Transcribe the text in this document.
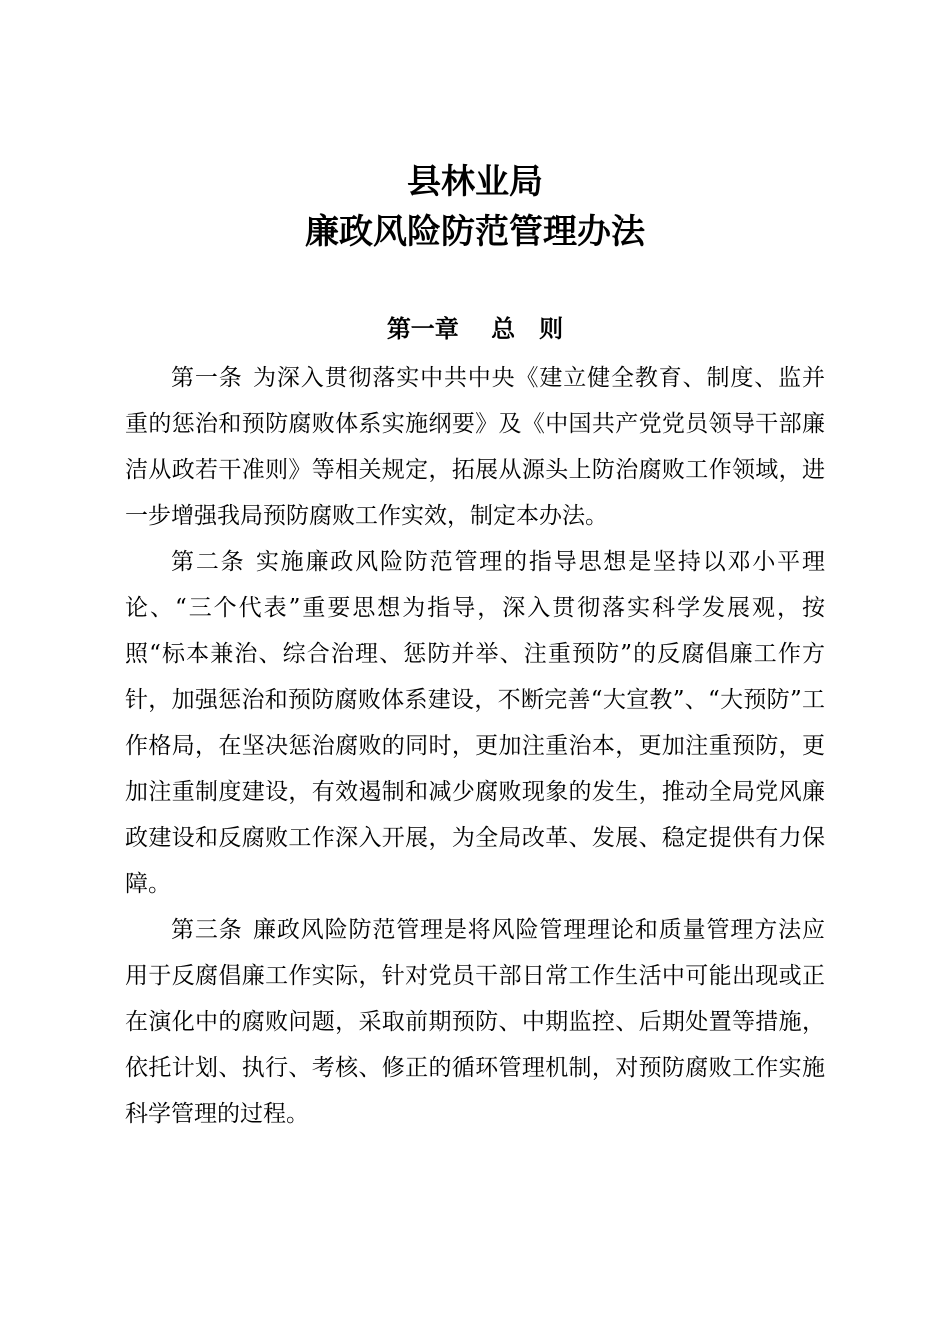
县林业局
廉政风险防范管理办法
第一章　 总　则

第一条 为深入贯彻落实中共中央《建立健全教育、制度、监并重的惩治和预防腐败体系实施纲要》及《中国共产党党员领导干部廉洁从政若干准则》等相关规定，拓展从源头上防治腐败工作领域，进一步增强我局预防腐败工作实效，制定本办法。

第二条 实施廉政风险防范管理的指导思想是坚持以邓小平理论、“三个代表”重要思想为指导，深入贯彻落实科学发展观，按照“标本兼治、综合治理、惩防并举、注重预防”的反腐倡廉工作方针，加强惩治和预防腐败体系建设，不断完善“大宣教”、“大预防”工作格局，在坚决惩治腐败的同时，更加注重治本，更加注重预防，更加注重制度建设，有效遏制和减少腐败现象的发生，推动全局党风廉政建设和反腐败工作深入开展，为全局改革、发展、稳定提供有力保障。

第三条 廉政风险防范管理是将风险管理理论和质量管理方法应用于反腐倡廉工作实际，针对党员干部日常工作生活中可能出现或正在演化中的腐败问题，采取前期预防、中期监控、后期处置等措施，依托计划、执行、考核、修正的循环管理机制，对预防腐败工作实施科学管理的过程。
